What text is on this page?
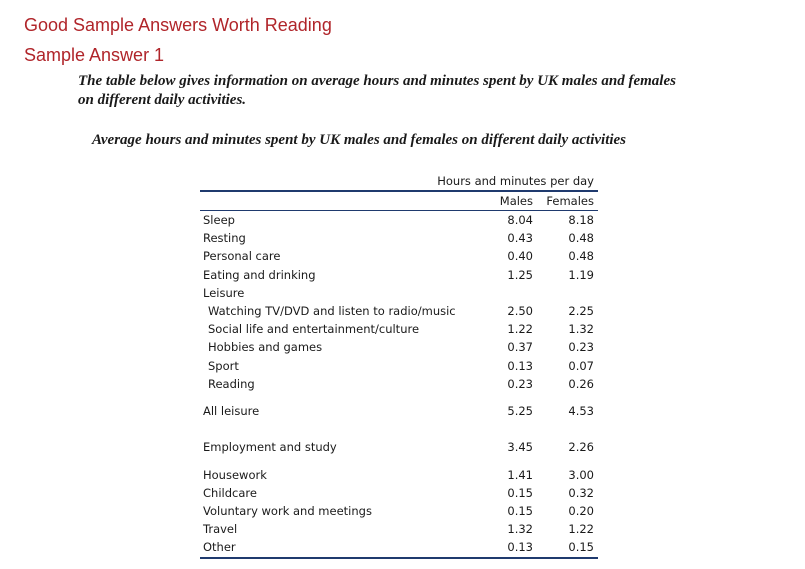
Good Sample Answers Worth Reading
Sample Answer 1

The table below gives information on average hours and minutes spent by UK males and females
on different daily activities.

Average hours and minutes spent by UK males and females on different daily activities

Hours and minutes per day
Males	Females
Sleep	8.04	8.18
Resting	0.43	0.48
Personal care	0.40	0.48
Eating and drinking	1.25	1.19
Leisure
Watching TV/DVD and listen to radio/music	2.50	2.25
Social life and entertainment/culture	1.22	1.32
Hobbies and games	0.37	0.23
Sport	0.13	0.07
Reading	0.23	0.26
All leisure	5.25	4.53
Employment and study	3.45	2.26
Housework	1.41	3.00
Childcare	0.15	0.32
Voluntary work and meetings	0.15	0.20
Travel	1.32	1.22
Other	0.13	0.15
